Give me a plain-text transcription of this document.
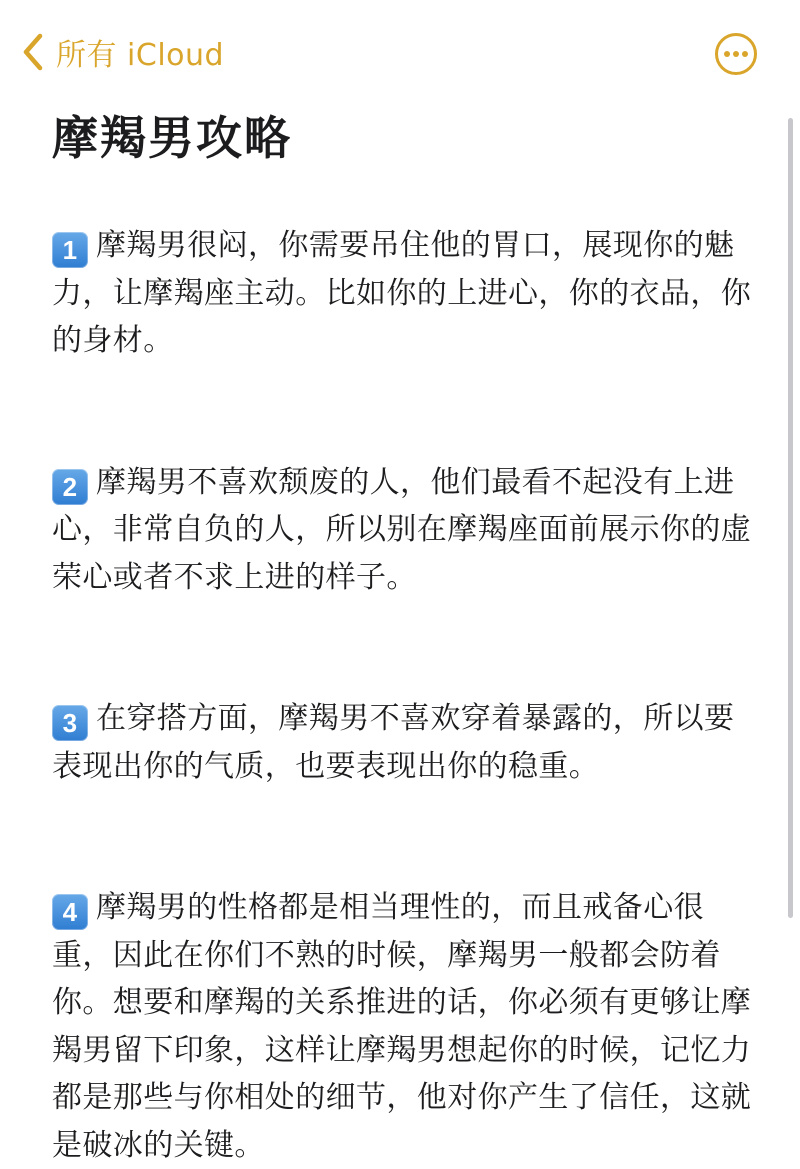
所有 iCloud
摩羯男攻略

1 摩羯男很闷，你需要吊住他的胃口，展现你的魅力，让摩羯座主动。比如你的上进心，你的衣品，你的身材。

2 摩羯男不喜欢颓废的人，他们最看不起没有上进心，非常自负的人，所以别在摩羯座面前展示你的虚荣心或者不求上进的样子。

3 在穿搭方面，摩羯男不喜欢穿着暴露的，所以要表现出你的气质，也要表现出你的稳重。

4 摩羯男的性格都是相当理性的，而且戒备心很重，因此在你们不熟的时候，摩羯男一般都会防着你。想要和摩羯的关系推进的话，你必须有更够让摩羯男留下印象，这样让摩羯男想起你的时候，记忆力都是那些与你相处的细节，他对你产生了信任，这就是破冰的关键。
